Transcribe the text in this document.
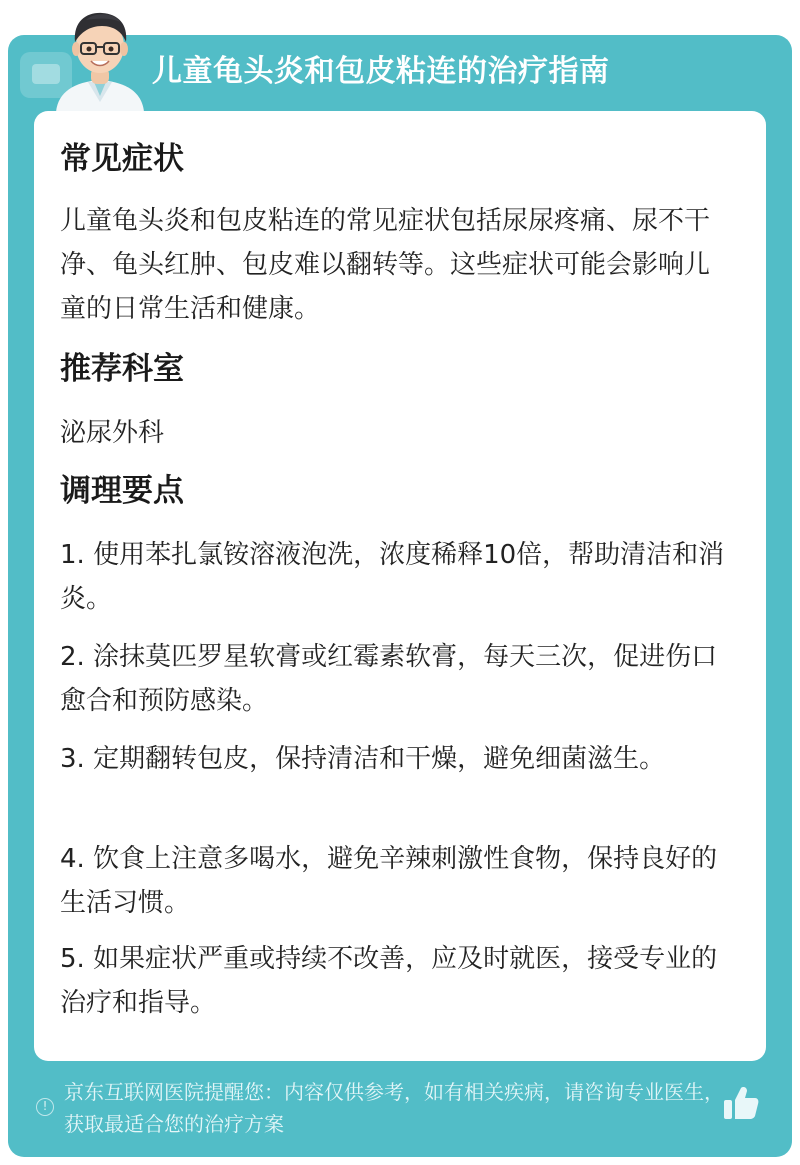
儿童龟头炎和包皮粘连的治疗指南
常见症状
儿童龟头炎和包皮粘连的常见症状包括尿尿疼痛、尿不干净、龟头红肿、包皮难以翻转等。这些症状可能会影响儿童的日常生活和健康。
推荐科室
泌尿外科
调理要点
1. 使用苯扎氯铵溶液泡洗，浓度稀释10倍，帮助清洁和消炎。
2. 涂抹莫匹罗星软膏或红霉素软膏，每天三次，促进伤口愈合和预防感染。
3. 定期翻转包皮，保持清洁和干燥，避免细菌滋生。
4. 饮食上注意多喝水，避免辛辣刺激性食物，保持良好的生活习惯。
5. 如果症状严重或持续不改善，应及时就医，接受专业的治疗和指导。
!
京东互联网医院提醒您：内容仅供参考，如有相关疾病，请咨询专业医生，获取最适合您的治疗方案
